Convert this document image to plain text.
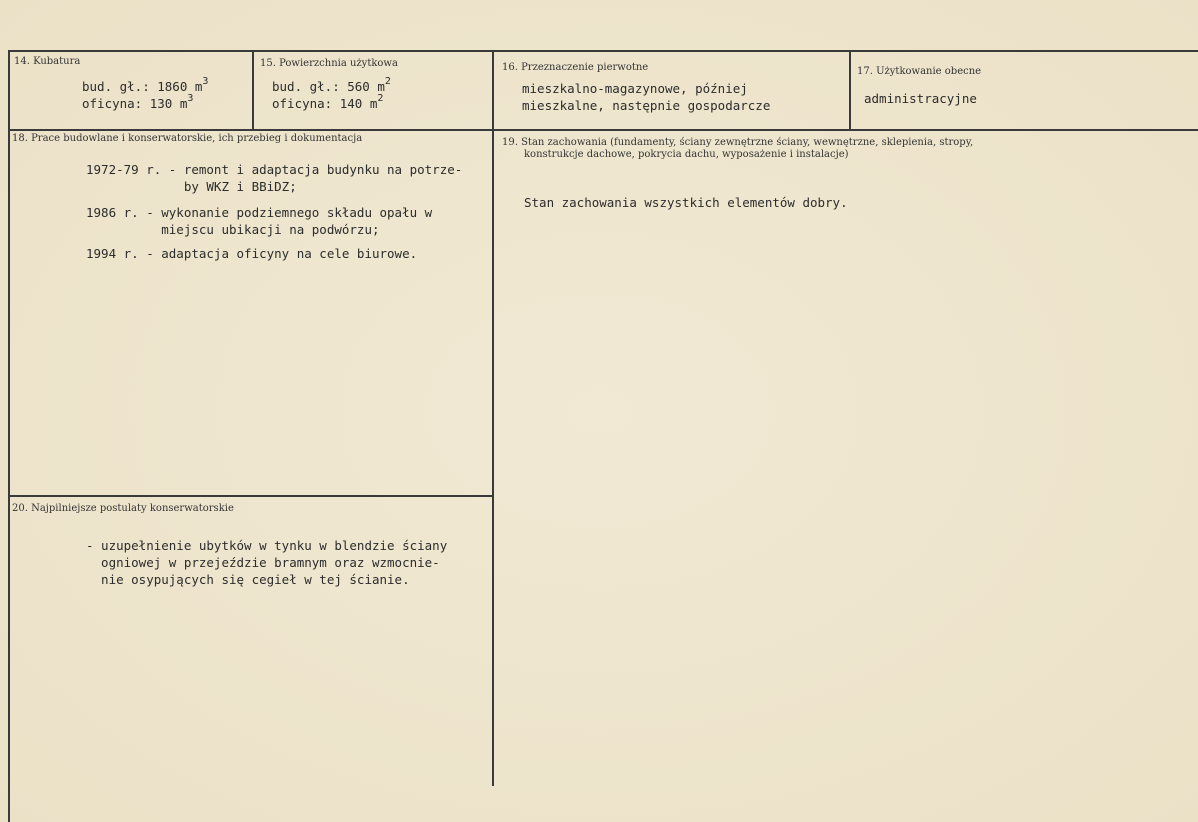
14. Kubatura
bud. gł.: 1860 $m^3$
oficyna: 130 $m^3$
15. Powierzchnia użytkowa
bud. gł.: 560 $m^2$
oficyna: 140 $m^2$
16. Przeznaczenie pierwotne
mieszkalno-magazynowe, później
mieszkalne, następnie gospodarcze
17. Użytkowanie obecne
administracyjne
18. Prace budowlane i konserwatorskie, ich przebieg i dokumentacja
1972-79 r. - remont i adaptacja budynku na potrze-
by WKZ i BBiDZ;
1986 r. - wykonanie podziemnego składu opału w
miejscu ubikacji na podwórzu;
1994 r. - adaptacja oficyny na cele biurowe.
19. Stan zachowania (fundamenty, ściany zewnętrzne ściany, wewnętrzne, sklepienia, stropy,
konstrukcje dachowe, pokrycia dachu, wyposażenie i instalacje)
Stan zachowania wszystkich elementów dobry.
20. Najpilniejsze postulaty konserwatorskie
- uzupełnienie ubytków w tynku w blendzie ściany
ogniowej w przejeździe bramnym oraz wzmocnie-
nie osypujących się cegieł w tej ścianie.
